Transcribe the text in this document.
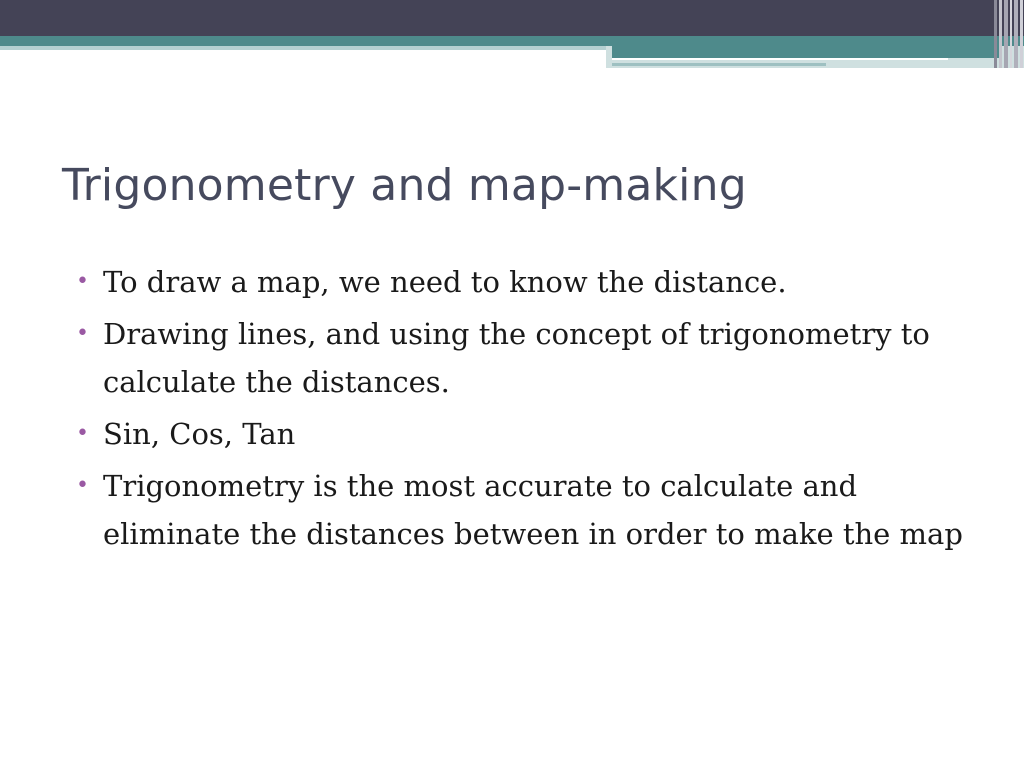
Trigonometry and map-making
• To draw a map, we need to know the distance.
• Drawing lines, and using the concept of trigonometry to calculate the distances.
• Sin, Cos, Tan
• Trigonometry is the most accurate to calculate and eliminate the distances between in order to make the map
